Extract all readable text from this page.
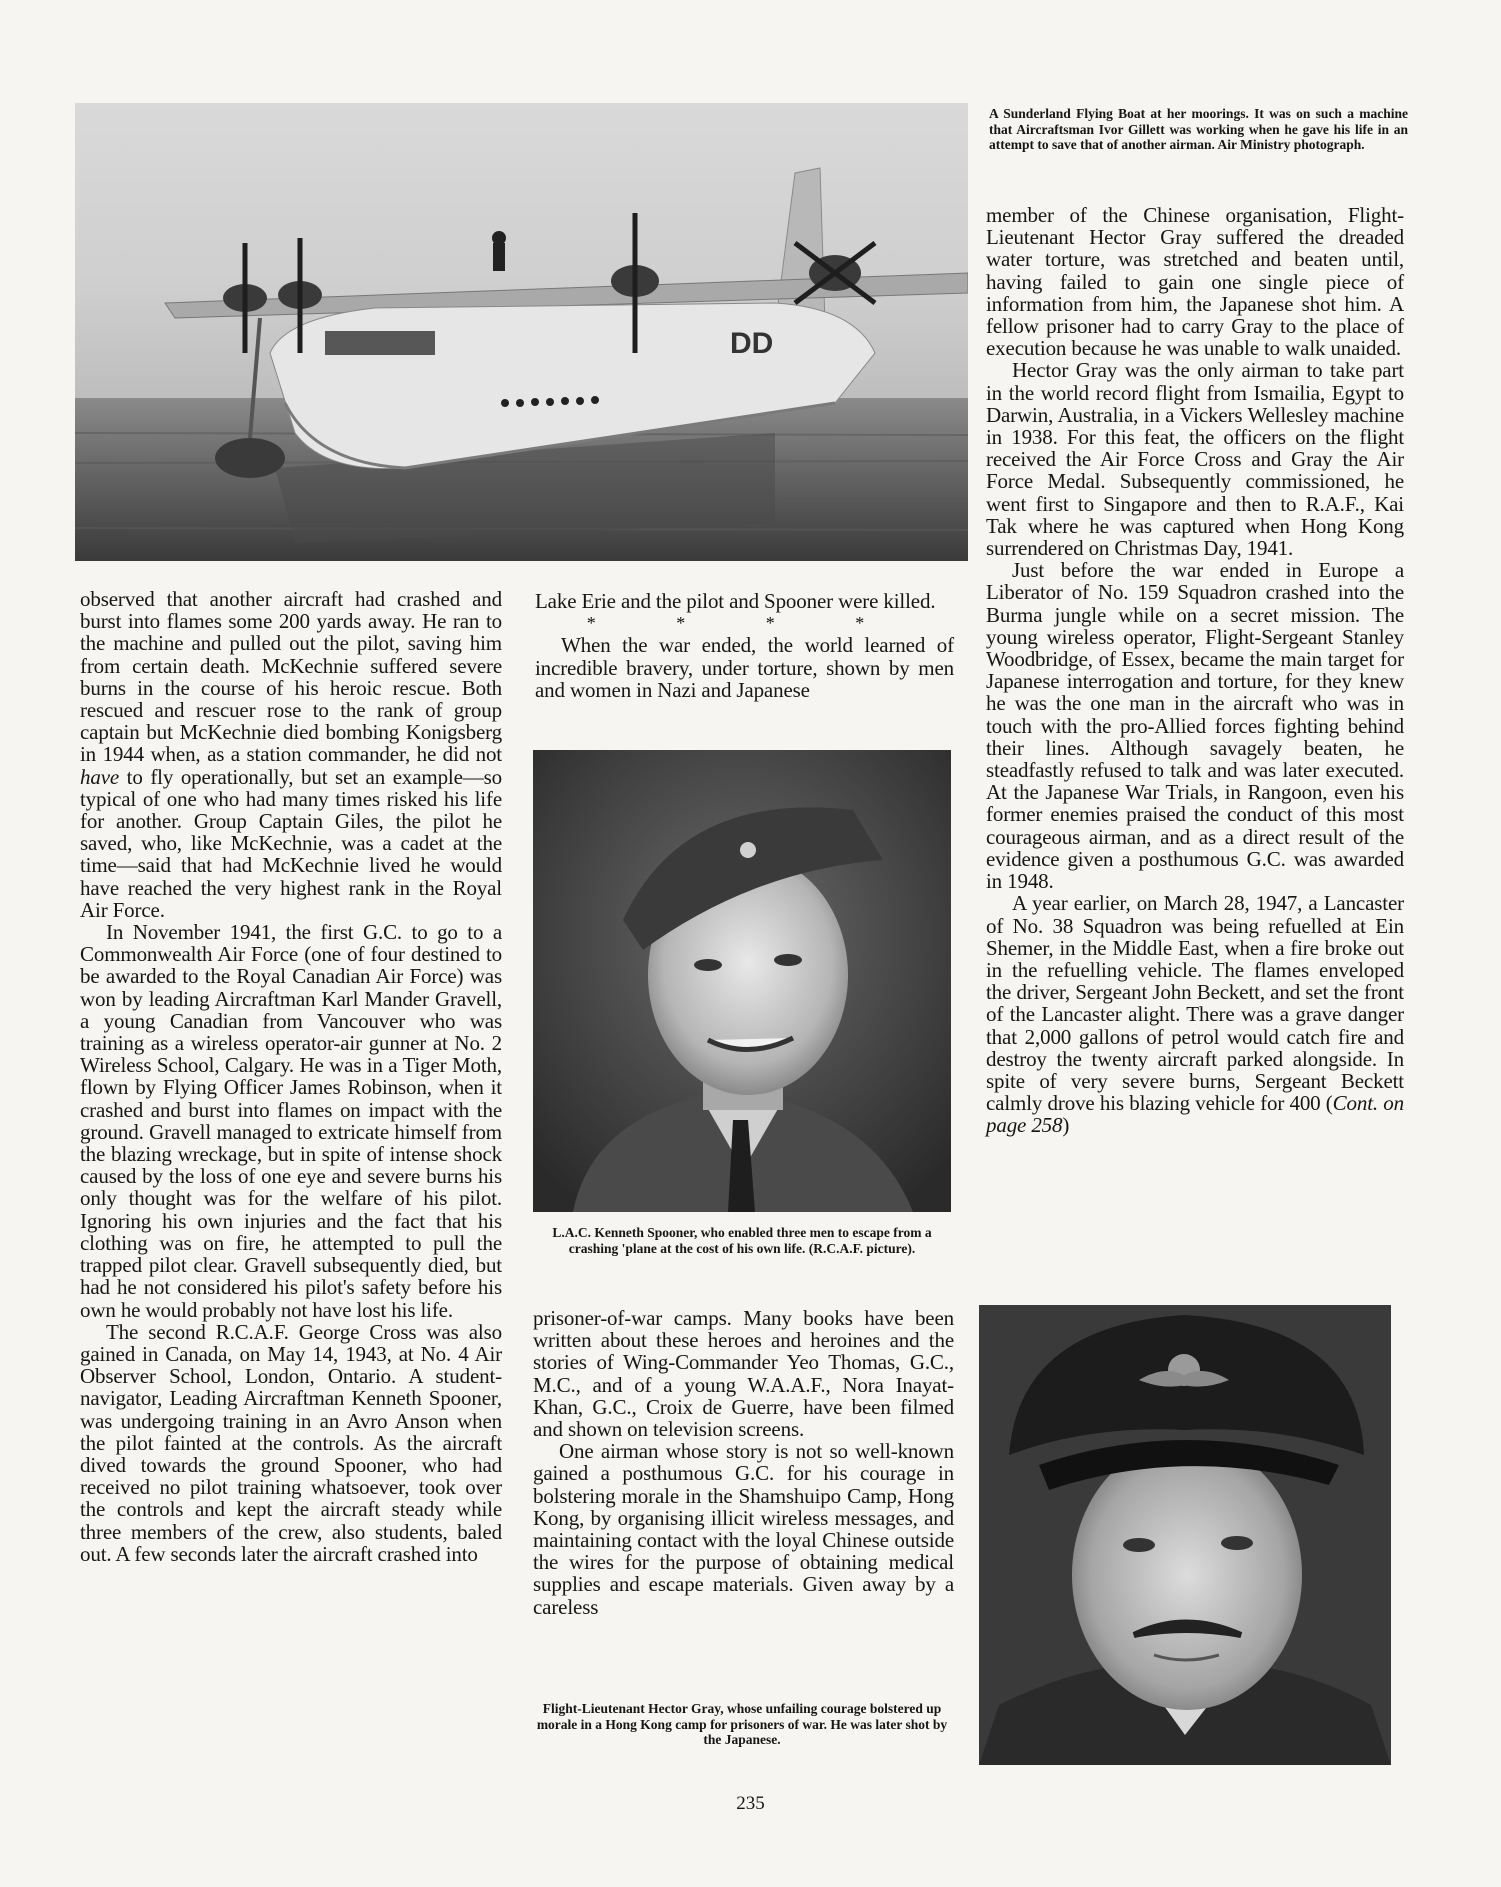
DD
A Sunderland Flying Boat at her moorings. It was on such a machine that Aircraftsman Ivor Gillett was working when he gave his life in an attempt to save that of another airman. Air Ministry photograph.

observed that another aircraft had crashed and burst into flames some 200 yards away. He ran to the machine and pulled out the pilot, saving him from certain death. McKechnie suffered severe burns in the course of his heroic rescue. Both rescued and rescuer rose to the rank of group captain but McKechnie died bombing Konigsberg in 1944 when, as a station commander, he did not have to fly operationally, but set an example—so typical of one who had many times risked his life for another. Group Captain Giles, the pilot he saved, who, like McKechnie, was a cadet at the time—said that had McKechnie lived he would have reached the very highest rank in the Royal Air Force.

In November 1941, the first G.C. to go to a Commonwealth Air Force (one of four destined to be awarded to the Royal Canadian Air Force) was won by leading Aircraftman Karl Mander Gravell, a young Canadian from Vancouver who was training as a wireless operator-air gunner at No. 2 Wireless School, Calgary. He was in a Tiger Moth, flown by Flying Officer James Robinson, when it crashed and burst into flames on impact with the ground. Gravell managed to extricate himself from the blazing wreckage, but in spite of intense shock caused by the loss of one eye and severe burns his only thought was for the welfare of his pilot. Ignoring his own injuries and the fact that his clothing was on fire, he attempted to pull the trapped pilot clear. Gravell subsequently died, but had he not considered his pilot's safety before his own he would probably not have lost his life.

The second R.C.A.F. George Cross was also gained in Canada, on May 14, 1943, at No. 4 Air Observer School, London, Ontario. A student-navigator, Leading Aircraftman Kenneth Spooner, was undergoing training in an Avro Anson when the pilot fainted at the controls. As the aircraft dived towards the ground Spooner, who had received no pilot training whatsoever, took over the controls and kept the aircraft steady while three members of the crew, also students, baled out. A few seconds later the aircraft crashed into

Lake Erie and the pilot and Spooner were killed.

* * * *

When the war ended, the world learned of incredible bravery, under torture, shown by men and women in Nazi and Japanese

L.A.C. Kenneth Spooner, who enabled three men to escape from a crashing 'plane at the cost of his own life. (R.C.A.F. picture).

prisoner-of-war camps. Many books have been written about these heroes and heroines and the stories of Wing-Commander Yeo Thomas, G.C., M.C., and of a young W.A.A.F., Nora Inayat-Khan, G.C., Croix de Guerre, have been filmed and shown on television screens.

One airman whose story is not so well-known gained a posthumous G.C. for his courage in bolstering morale in the Shamshuipo Camp, Hong Kong, by organising illicit wireless messages, and maintaining contact with the loyal Chinese outside the wires for the purpose of obtaining medical supplies and escape materials. Given away by a careless

Flight-Lieutenant Hector Gray, whose unfailing courage bolstered up morale in a Hong Kong camp for prisoners of war. He was later shot by the Japanese.

member of the Chinese organisation, Flight-Lieutenant Hector Gray suffered the dreaded water torture, was stretched and beaten until, having failed to gain one single piece of information from him, the Japanese shot him. A fellow prisoner had to carry Gray to the place of execution because he was unable to walk unaided.

Hector Gray was the only airman to take part in the world record flight from Ismailia, Egypt to Darwin, Australia, in a Vickers Wellesley machine in 1938. For this feat, the officers on the flight received the Air Force Cross and Gray the Air Force Medal. Subsequently commissioned, he went first to Singapore and then to R.A.F., Kai Tak where he was captured when Hong Kong surrendered on Christmas Day, 1941.

Just before the war ended in Europe a Liberator of No. 159 Squadron crashed into the Burma jungle while on a secret mission. The young wireless operator, Flight-Sergeant Stanley Woodbridge, of Essex, became the main target for Japanese interrogation and torture, for they knew he was the one man in the aircraft who was in touch with the pro-Allied forces fighting behind their lines. Although savagely beaten, he steadfastly refused to talk and was later executed. At the Japanese War Trials, in Rangoon, even his former enemies praised the conduct of this most courageous airman, and as a direct result of the evidence given a posthumous G.C. was awarded in 1948.

A year earlier, on March 28, 1947, a Lancaster of No. 38 Squadron was being refuelled at Ein Shemer, in the Middle East, when a fire broke out in the refuelling vehicle. The flames enveloped the driver, Sergeant John Beckett, and set the front of the Lancaster alight. There was a grave danger that 2,000 gallons of petrol would catch fire and destroy the twenty aircraft parked alongside. In spite of very severe burns, Sergeant Beckett calmly drove his blazing vehicle for 400 (Cont. on page 258)

235
